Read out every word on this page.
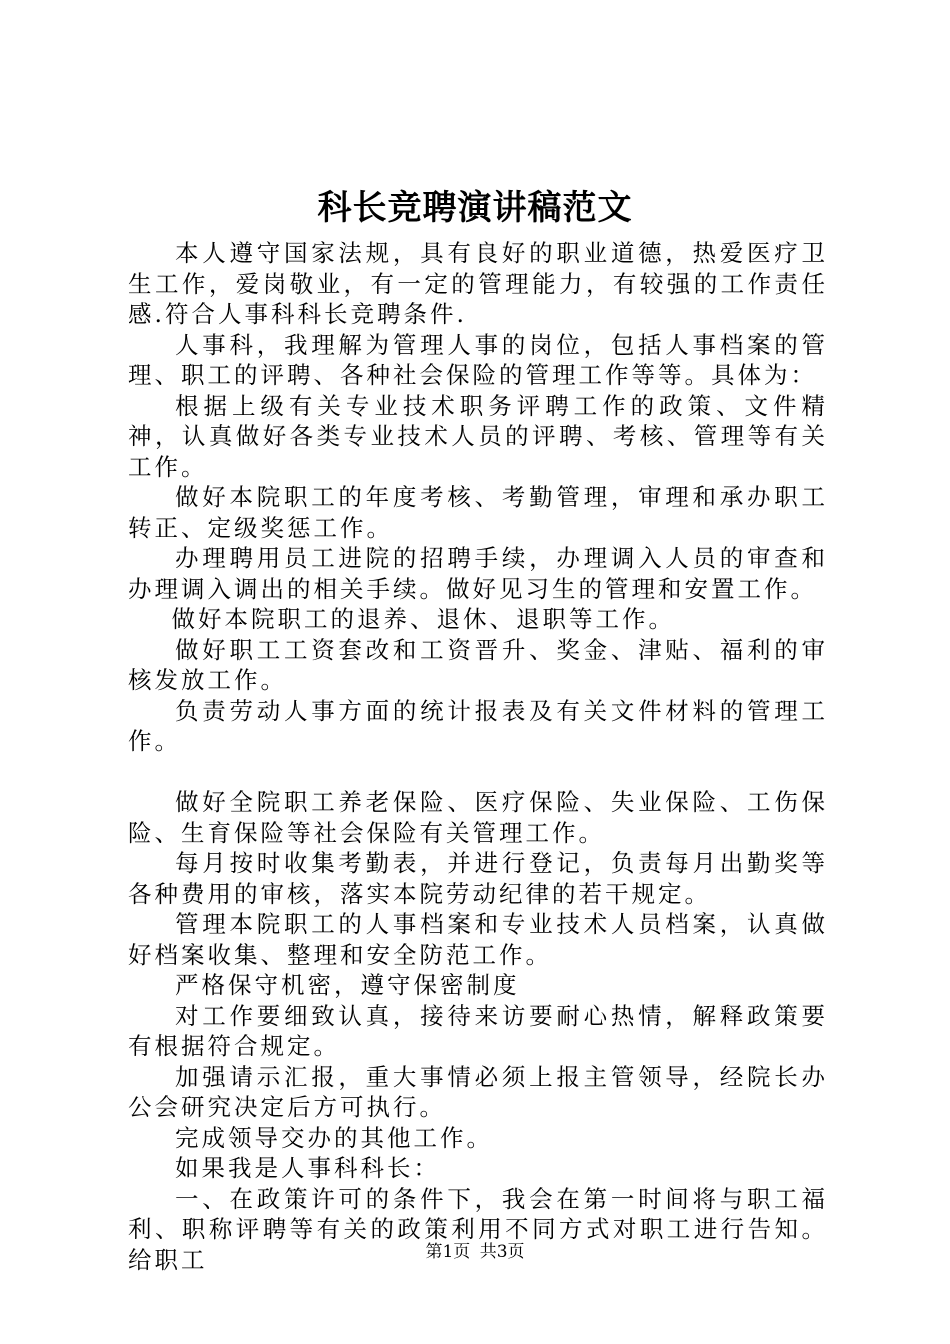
科长竞聘演讲稿范文

本人遵守国家法规，具有良好的职业道德，热爱医疗卫生工作，爱岗敬业，有一定的管理能力，有较强的工作责任感.符合人事科科长竞聘条件.

人事科，我理解为管理人事的岗位，包括人事档案的管理、职工的评聘、各种社会保险的管理工作等等。具体为：

根据上级有关专业技术职务评聘工作的政策、文件精神，认真做好各类专业技术人员的评聘、考核、管理等有关工作。

做好本院职工的年度考核、考勤管理，审理和承办职工转正、定级奖惩工作。

办理聘用员工进院的招聘手续，办理调入人员的审查和办理调入调出的相关手续。做好见习生的管理和安置工作。

做好本院职工的退养、退休、退职等工作。

做好职工工资套改和工资晋升、奖金、津贴、福利的审核发放工作。

负责劳动人事方面的统计报表及有关文件材料的管理工作。

做好全院职工养老保险、医疗保险、失业保险、工伤保险、生育保险等社会保险有关管理工作。

每月按时收集考勤表，并进行登记，负责每月出勤奖等各种费用的审核，落实本院劳动纪律的若干规定。

管理本院职工的人事档案和专业技术人员档案，认真做好档案收集、整理和安全防范工作。

严格保守机密，遵守保密制度

对工作要细致认真，接待来访要耐心热情，解释政策要有根据符合规定。

加强请示汇报，重大事情必须上报主管领导，经院长办公会研究决定后方可执行。

完成领导交办的其他工作。

如果我是人事科科长：

一、在政策许可的条件下，我会在第一时间将与职工福利、职称评聘等有关的政策利用不同方式对职工进行告知。给职工	第1页 共3页
